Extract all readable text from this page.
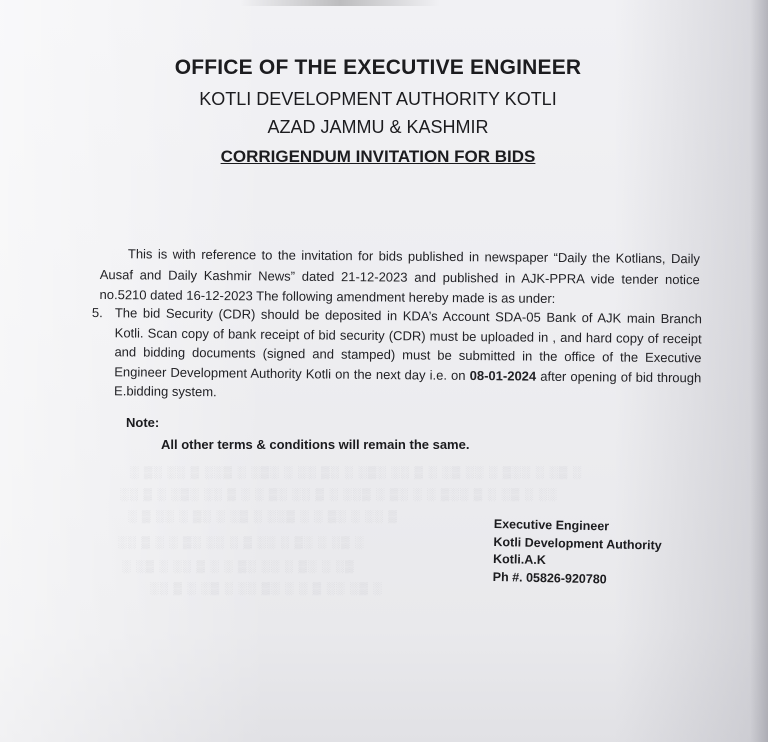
OFFICE OF THE EXECUTIVE ENGINEER
KOTLI DEVELOPMENT AUTHORITY KOTLI
AZAD JAMMU & KASHMIR
CORRIGENDUM INVITATION FOR BIDS
This is with reference to the invitation for bids published in newspaper “Daily the Kotlians, Daily Ausaf and Daily Kashmir News” dated 21-12-2023 and published in AJK-PPRA vide tender notice no.5210 dated 16-12-2023 The following amendment hereby made is as under:
5. The bid Security (CDR) should be deposited in KDA’s Account SDA-05 Bank of AJK main Branch Kotli. Scan copy of bank receipt of bid security (CDR) must be uploaded in , and hard copy of receipt and bidding documents (signed and stamped) must be submitted in the office of the Executive Engineer Development Authority Kotli on the next day i.e. on 08-01-2024 after opening of bid through E.bidding system.
Note:
All other terms & conditions will remain the same.
Executive Engineer
Kotli Development Authority
Kotli.A.K
Ph #. 05826-920780
░ ▒░ ░░ ▒ ░░▒ ░ ░▒░ ░ ░░ ▒░ ░ ░▒░ ░░ ▒ ░ ░▒ ░░ ░ ▒░░ ░ ░▒ ░
░░ ▒ ░ ░▒░ ░░ ▒ ░ ░ ▒░ ░░ ▒ ░ ░░▒ ░ ▒░ ░ ░ ▒░░ ▒ ░ ░▒ ░ ░░
░ ▒ ░░ ░ ▒░ ░ ░▒ ░ ░░▒ ░ ░ ▒░ ░ ░░ ▒
░░ ▒ ░ ░ ▒░ ░░ ░ ▒ ░░ ░ ▒░ ░ ░▒ ░
░ ░▒ ░ ░░ ▒ ░ ░ ▒░ ░░ ░ ▒░ ░ ░▒
░░ ▒ ░ ░▒ ░ ░░ ▒░ ░ ░ ▒ ░░ ░▒ ░
